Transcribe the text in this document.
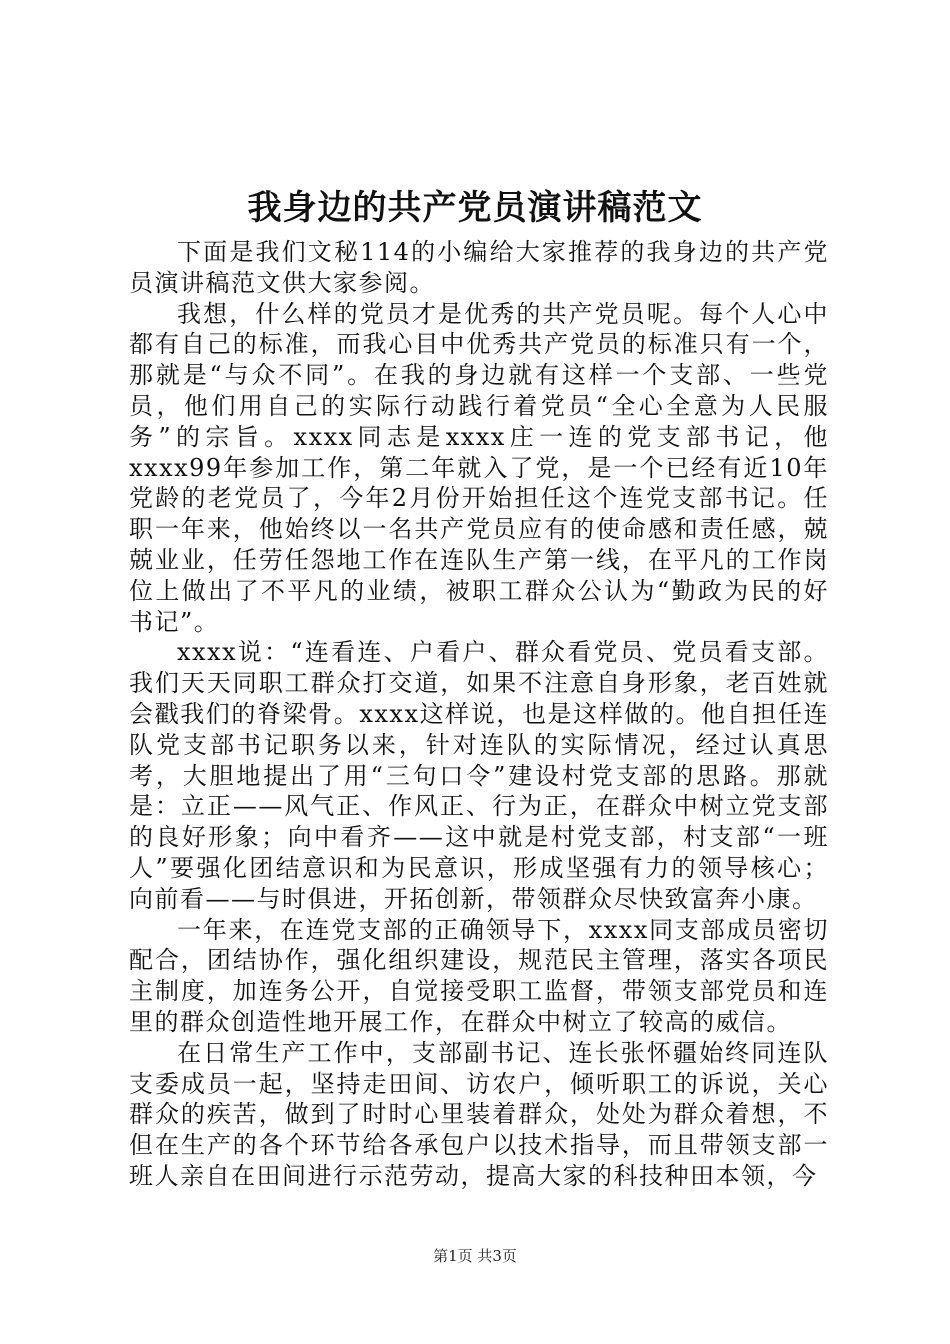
我身边的共产党员演讲稿范文

下面是我们文秘114的小编给大家推荐的我身边的共产党员演讲稿范文供大家参阅。

我想，什么样的党员才是优秀的共产党员呢。每个人心中都有自己的标准，而我心目中优秀共产党员的标准只有一个，那就是“与众不同”。在我的身边就有这样一个支部、一些党员，他们用自己的实际行动践行着党员“全心全意为人民服务”的宗旨。xxxx同志是xxxx庄一连的党支部书记，他xxxx99年参加工作，第二年就入了党，是一个已经有近10年党龄的老党员了，今年2月份开始担任这个连党支部书记。任职一年来，他始终以一名共产党员应有的使命感和责任感，兢兢业业，任劳任怨地工作在连队生产第一线，在平凡的工作岗位上做出了不平凡的业绩，被职工群众公认为“勤政为民的好书记”。

xxxx说：“连看连、户看户、群众看党员、党员看支部。我们天天同职工群众打交道，如果不注意自身形象，老百姓就会戳我们的脊梁骨。xxxx这样说，也是这样做的。他自担任连队党支部书记职务以来，针对连队的实际情况，经过认真思考，大胆地提出了用“三句口令”建设村党支部的思路。那就是：立正——风气正、作风正、行为正，在群众中树立党支部的良好形象；向中看齐——这中就是村党支部，村支部“一班人”要强化团结意识和为民意识，形成坚强有力的领导核心；向前看——与时俱进，开拓创新，带领群众尽快致富奔小康。

一年来，在连党支部的正确领导下，xxxx同支部成员密切配合，团结协作，强化组织建设，规范民主管理，落实各项民主制度，加连务公开，自觉接受职工监督，带领支部党员和连里的群众创造性地开展工作，在群众中树立了较高的威信。

在日常生产工作中，支部副书记、连长张怀疆始终同连队支委成员一起，坚持走田间、访农户，倾听职工的诉说，关心群众的疾苦，做到了时时心里装着群众，处处为群众着想，不但在生产的各个环节给各承包户以技术指导，而且带领支部一班人亲自在田间进行示范劳动，提高大家的科技种田本领，今

第1页 共3页
